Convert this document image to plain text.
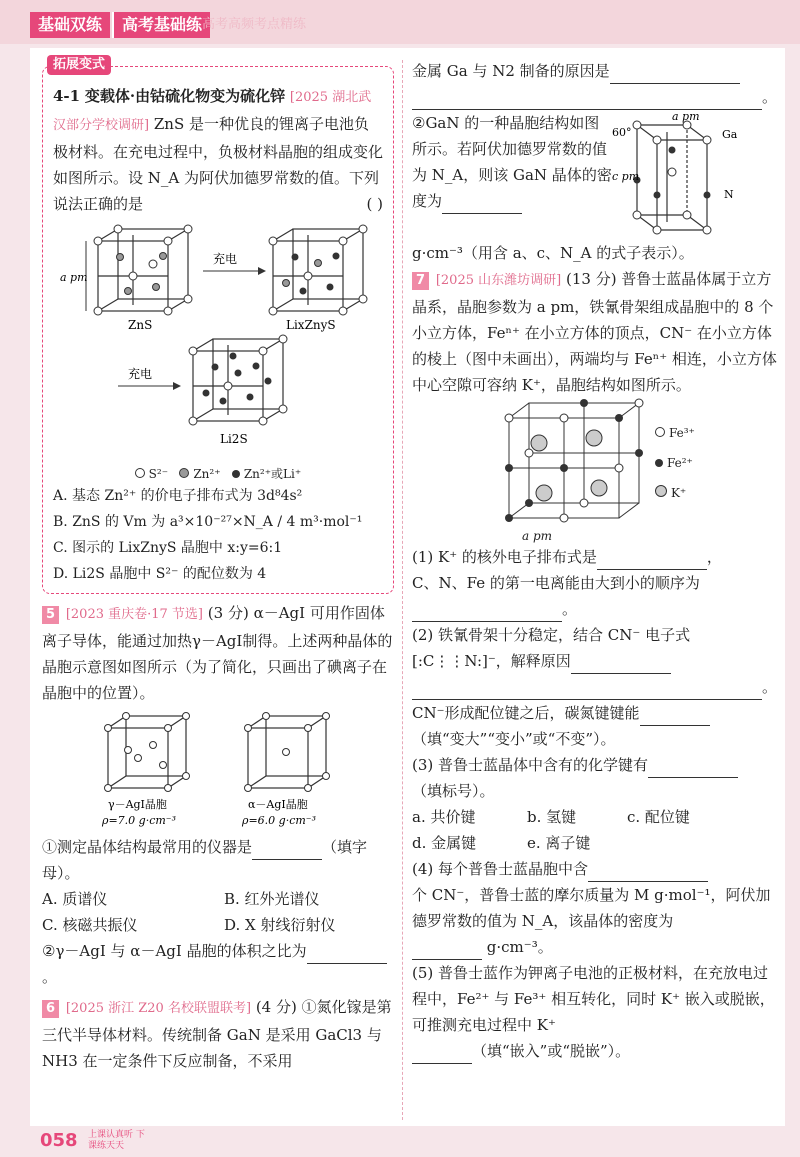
基础双练	高考基础练 高考高频考点精练
拓展变式
4-1 变载体·由钴硫化物变为硫化锌 [2025 湖北武汉部分学校调研] ZnS 是一种优良的锂离子电池负极材料。在充电过程中，负极材料晶胞的组成变化如图所示。设 N_A 为阿伏加德罗常数的值。下列说法正确的是	( )
a pm
ZnS
充电
LixZnyS
充电
Li2S
S²⁻ Zn²⁺ Zn²⁺或Li⁺
A. 基态 Zn²⁺ 的价电子排布式为 3d⁸4s²
B. ZnS 的 Vm 为 a³×10⁻²⁷×N_A / 4 m³·mol⁻¹
C. 图示的 LixZnyS 晶胞中 x:y=6:1
D. Li2S 晶胞中 S²⁻ 的配位数为 4
5 [2023 重庆卷·17 节选] (3 分) α－AgI 可用作固体离子导体，能通过加热γ－AgI制得。上述两种晶体的晶胞示意图如图所示（为了简化，只画出了碘离子在晶胞中的位置）。
γ－AgI晶胞
ρ=7.0 g·cm⁻³
α－AgI晶胞
ρ=6.0 g·cm⁻³
①测定晶体结构最常用的仪器是	（填字母）。
A. 质谱仪	B. 红外光谱仪
C. 核磁共振仪	D. X 射线衍射仪
②γ－AgI 与 α－AgI 晶胞的体积之比为。
6 [2025 浙江 Z20 名校联盟联考] (4 分) ①氮化镓是第三代半导体材料。传统制备 GaN 是采用 GaCl3 与 NH3 在一定条件下反应制备，不采用
金属 Ga 与 N2 制备的原因是
。
②GaN 的一种晶胞结构如图所示。若阿伏加德罗常数的值为 N_A，则该 GaN 晶体的密度为
a pm
60°
c pm
Ga
N
g·cm⁻³（用含 a、c、N_A 的式子表示）。
7 [2025 山东潍坊调研] (13 分) 普鲁士蓝晶体属于立方晶系，晶胞参数为 a pm，铁氰骨架组成晶胞中的 8 个小立方体，Feⁿ⁺ 在小立方体的顶点，CN⁻ 在小立方体的棱上（图中未画出），两端均与 Feⁿ⁺ 相连，小立方体中心空隙可容纳 K⁺，晶胞结构如图所示。
Fe³⁺
Fe²⁺
K⁺
a pm
(1) K⁺ 的核外电子排布式是	，
C、N、Fe 的第一电离能由大到小的顺序为
。
(2) 铁氰骨架十分稳定，结合 CN⁻ 电子式 [:C⋮⋮N:]⁻，解释原因
。
CN⁻形成配位键之后，碳氮键键能
（填“变大”“变小”或“不变”）。
(3) 普鲁士蓝晶体中含有的化学键有
（填标号）。
a. 共价键	b. 氢键	c. 配位键
d. 金属键	e. 离子键
(4) 每个普鲁士蓝晶胞中含
个 CN⁻，普鲁士蓝的摩尔质量为 M g·mol⁻¹，阿伏加德罗常数的值为 N_A，该晶体的密度为
g·cm⁻³。
(5) 普鲁士蓝作为钾离子电池的正极材料，在充放电过程中，Fe²⁺ 与 Fe³⁺ 相互转化，同时 K⁺ 嵌入或脱嵌，可推测充电过程中 K⁺
（填“嵌入”或“脱嵌”）。
058 上课认真听 下课练天天
